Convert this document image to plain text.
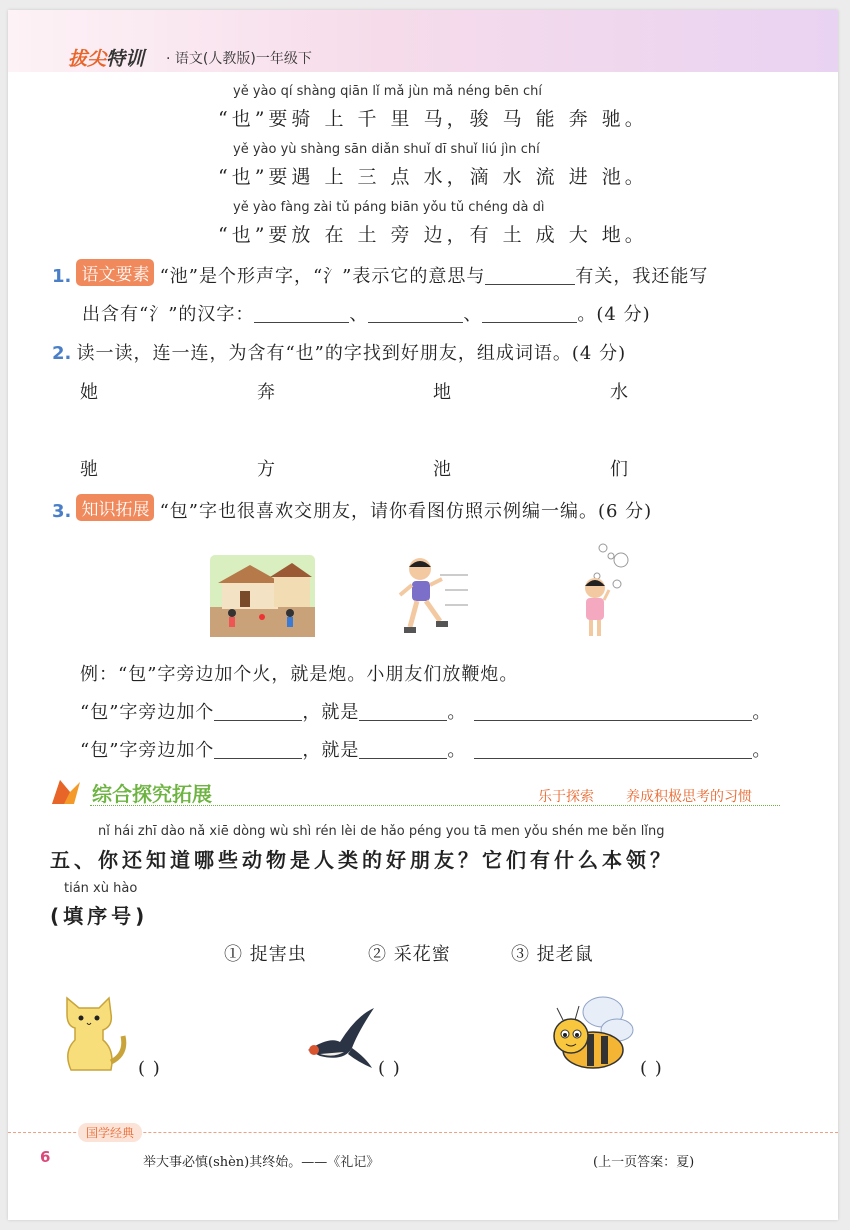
拔尖特训 · 语文(人教版)一年级下
yě yào qí shàng qiān lǐ mǎ jùn mǎ néng bēn chí
“也”要骑 上 千 里 马，骏 马 能 奔 驰。
yě yào yù shàng sān diǎn shuǐ dī shuǐ liú jìn chí
“也”要遇 上 三 点 水，滴 水 流 进 池。
yě yào fàng zài tǔ páng biān yǒu tǔ chéng dà dì
“也”要放 在 土 旁 边，有 土 成 大 地。
1. 语文要素 “池”是个形声字，“氵”表示它的意思与	有关，我还能写
出含有“氵”的汉字：	、	、	。(4 分)
2. 读一读，连一连，为含有“也”的字找到好朋友，组成词语。(4 分)
她	奔	地	水
驰	方	池	们
3. 知识拓展 “包”字也很喜欢交朋友，请你看图仿照示例编一编。(6 分)
例：“包”字旁边加个火，就是炮。小朋友们放鞭炮。
“包”字旁边加个	，就是	。	。
“包”字旁边加个	，就是	。	。
综合探究拓展	乐于探索 养成积极思考的习惯
nǐ hái zhī dào nǎ xiē dòng wù shì rén lèi de hǎo péng you tā men yǒu shén me běn lǐng
五、你还知道哪些动物是人类的好朋友？它们有什么本领？
tián xù hào
(填序号)
① 捉害虫	② 采花蜜	③ 捉老鼠
( )	( )	( )
国学经典
6	举大事必慎(shèn)其终始。——《礼记》	(上一页答案：夏)
